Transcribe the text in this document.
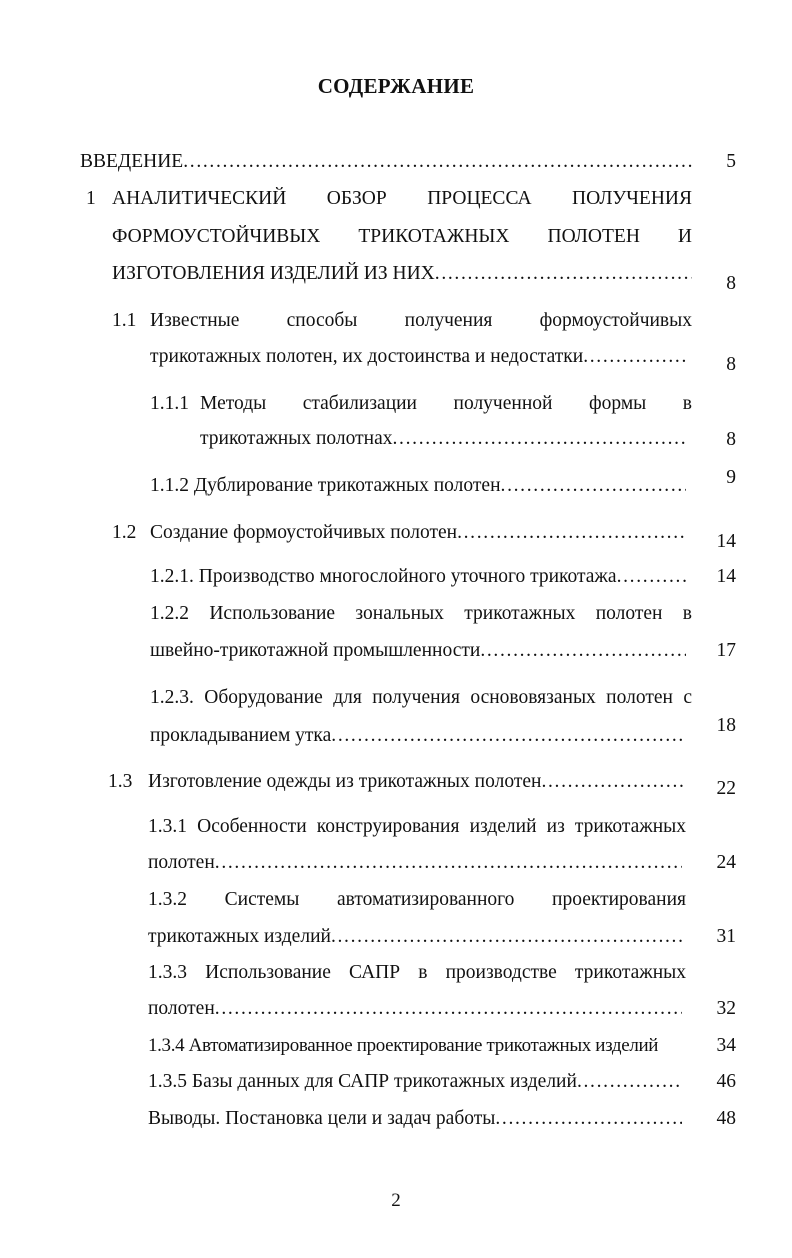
СОДЕРЖАНИЕ
ВВЕДЕНИЕ . . .	5
1 АНАЛИТИЧЕСКИЙ ОБЗОР ПРОЦЕССА ПОЛУЧЕНИЯ
ФОРМОУСТОЙЧИВЫХ ТРИКОТАЖНЫХ ПОЛОТЕН И
ИЗГОТОВЛЕНИЯ ИЗДЕЛИЙ ИЗ НИХ . . .	8
1.1 Известные способы получения формоустойчивых
трикотажных полотен, их достоинства и недостатки . . .	8
1.1.1 Методы стабилизации полученной формы в
трикотажных полотнах . . .	8
1.1.2 Дублирование трикотажных полотен . . .	9
1.2 Создание формоустойчивых полотен . . .	14
1.2.1. Производство многослойного уточного трикотажа . . .	14
1.2.2 Использование зональных трикотажных полотен в
швейно-трикотажной промышленности . . .	17
1.2.3. Оборудование для получения основовязаных полотен с
прокладыванием утка . . .	18
1.3 Изготовление одежды из трикотажных полотен . . .	22
1.3.1 Особенности конструирования изделий из трикотажных
полотен . . .	24
1.3.2 Системы автоматизированного проектирования
трикотажных изделий . . .	31
1.3.3 Использование САПР в производстве трикотажных
полотен . . .	32
1.3.4 Автоматизированное проектирование трикотажных изделий	34
1.3.5 Базы данных для САПР трикотажных изделий . . .	46
Выводы. Постановка цели и задач работы . . .	48
2
